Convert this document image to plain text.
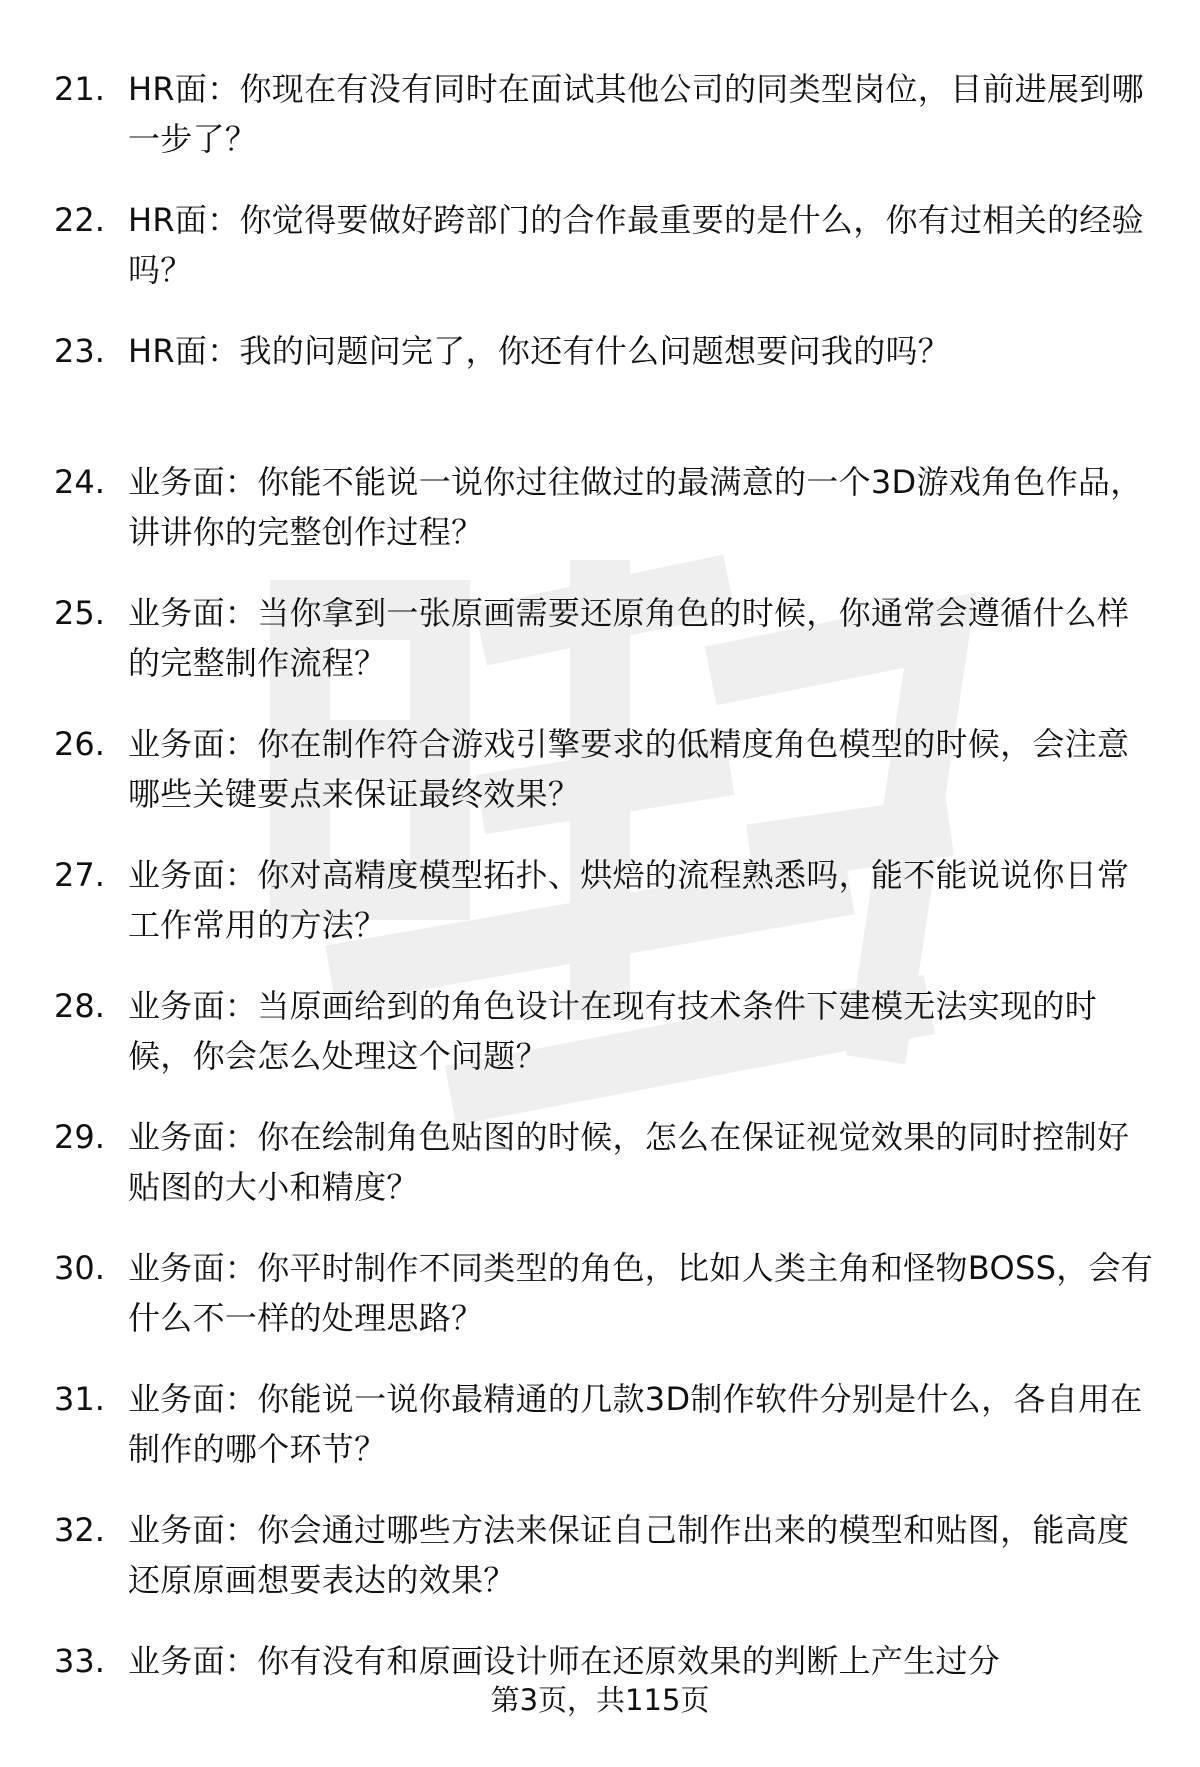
21. HR面：你现在有没有同时在面试其他公司的同类型岗位，目前进展到哪一步了？
22. HR面：你觉得要做好跨部门的合作最重要的是什么，你有过相关的经验吗？
23. HR面：我的问题问完了，你还有什么问题想要问我的吗？
24. 业务面：你能不能说一说你过往做过的最满意的一个3D游戏角色作品，讲讲你的完整创作过程？
25. 业务面：当你拿到一张原画需要还原角色的时候，你通常会遵循什么样的完整制作流程？
26. 业务面：你在制作符合游戏引擎要求的低精度角色模型的时候，会注意哪些关键要点来保证最终效果？
27. 业务面：你对高精度模型拓扑、烘焙的流程熟悉吗，能不能说说你日常工作常用的方法？
28. 业务面：当原画给到的角色设计在现有技术条件下建模无法实现的时候，你会怎么处理这个问题？
29. 业务面：你在绘制角色贴图的时候，怎么在保证视觉效果的同时控制好贴图的大小和精度？
30. 业务面：你平时制作不同类型的角色，比如人类主角和怪物BOSS，会有什么不一样的处理思路？
31. 业务面：你能说一说你最精通的几款3D制作软件分别是什么，各自用在制作的哪个环节？
32. 业务面：你会通过哪些方法来保证自己制作出来的模型和贴图，能高度还原原画想要表达的效果？
33. 业务面：你有没有和原画设计师在还原效果的判断上产生过分
第3页，共115页
